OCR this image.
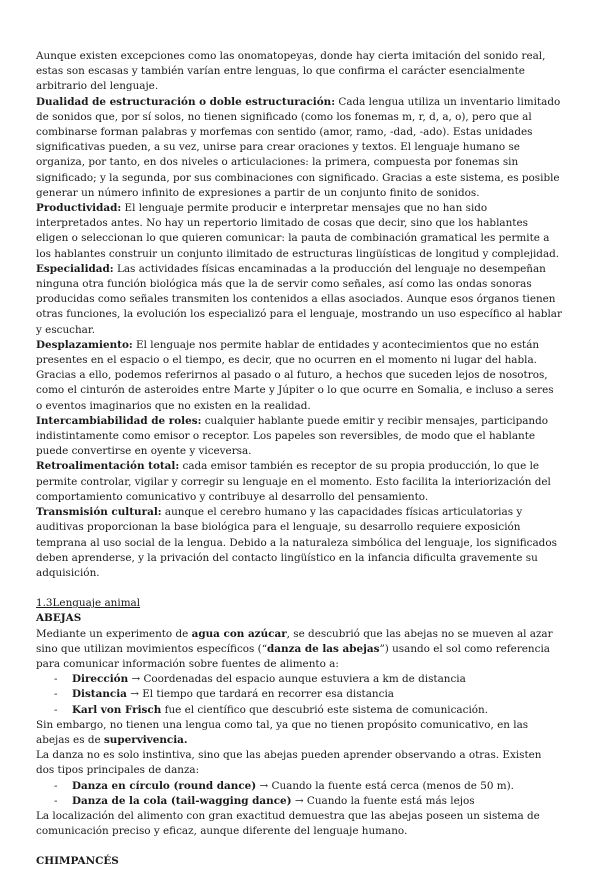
Aunque existen excepciones como las onomatopeyas, donde hay cierta imitación del sonido real, estas son escasas y también varían entre lenguas, lo que confirma el carácter esencialmente arbitrario del lenguaje.

Dualidad de estructuración o doble estructuración: Cada lengua utiliza un inventario limitado de sonidos que, por sí solos, no tienen significado (como los fonemas m, r, d, a, o), pero que al combinarse forman palabras y morfemas con sentido (amor, ramo, -dad, -ado). Estas unidades significativas pueden, a su vez, unirse para crear oraciones y textos. El lenguaje humano se organiza, por tanto, en dos niveles o articulaciones: la primera, compuesta por fonemas sin significado; y la segunda, por sus combinaciones con significado. Gracias a este sistema, es posible generar un número infinito de expresiones a partir de un conjunto finito de sonidos.

Productividad: El lenguaje permite producir e interpretar mensajes que no han sido interpretados antes. No hay un repertorio limitado de cosas que decir, sino que los hablantes eligen o seleccionan lo que quieren comunicar: la pauta de combinación gramatical les permite a los hablantes construir un conjunto ilimitado de estructuras lingüísticas de longitud y complejidad.

Especialidad: Las actividades físicas encaminadas a la producción del lenguaje no desempeñan ninguna otra función biológica más que la de servir como señales, así como las ondas sonoras producidas como señales transmiten los contenidos a ellas asociados. Aunque esos órganos tienen otras funciones, la evolución los especializó para el lenguaje, mostrando un uso específico al hablar y escuchar.

Desplazamiento: El lenguaje nos permite hablar de entidades y acontecimientos que no están presentes en el espacio o el tiempo, es decir, que no ocurren en el momento ni lugar del habla. Gracias a ello, podemos referirnos al pasado o al futuro, a hechos que suceden lejos de nosotros, como el cinturón de asteroides entre Marte y Júpiter o lo que ocurre en Somalia, e incluso a seres o eventos imaginarios que no existen en la realidad.

Intercambiabilidad de roles: cualquier hablante puede emitir y recibir mensajes, participando indistintamente como emisor o receptor. Los papeles son reversibles, de modo que el hablante puede convertirse en oyente y viceversa.

Retroalimentación total: cada emisor también es receptor de su propia producción, lo que le permite controlar, vigilar y corregir su lenguaje en el momento. Esto facilita la interiorización del comportamiento comunicativo y contribuye al desarrollo del pensamiento.

Transmisión cultural: aunque el cerebro humano y las capacidades físicas articulatorias y auditivas proporcionan la base biológica para el lenguaje, su desarrollo requiere exposición temprana al uso social de la lengua. Debido a la naturaleza simbólica del lenguaje, los significados deben aprenderse, y la privación del contacto lingüístico en la infancia dificulta gravemente su adquisición.

1.3Lenguaje animal

ABEJAS

Mediante un experimento de agua con azúcar, se descubrió que las abejas no se mueven al azar sino que utilizan movimientos específicos (“danza de las abejas”) usando el sol como referencia para comunicar información sobre fuentes de alimento a:

- Dirección → Coordenadas del espacio aunque estuviera a km de distancia
- Distancia → El tiempo que tardará en recorrer esa distancia
- Karl von Frisch fue el científico que descubrió este sistema de comunicación.

Sin embargo, no tienen una lengua como tal, ya que no tienen propósito comunicativo, en las abejas es de supervivencia.

La danza no es solo instintiva, sino que las abejas pueden aprender observando a otras. Existen dos tipos principales de danza:

- Danza en círculo (round dance) → Cuando la fuente está cerca (menos de 50 m).
- Danza de la cola (tail-wagging dance) → Cuando la fuente está más lejos

La localización del alimento con gran exactitud demuestra que las abejas poseen un sistema de comunicación preciso y eficaz, aunque diferente del lenguaje humano.

CHIMPANCÉS
